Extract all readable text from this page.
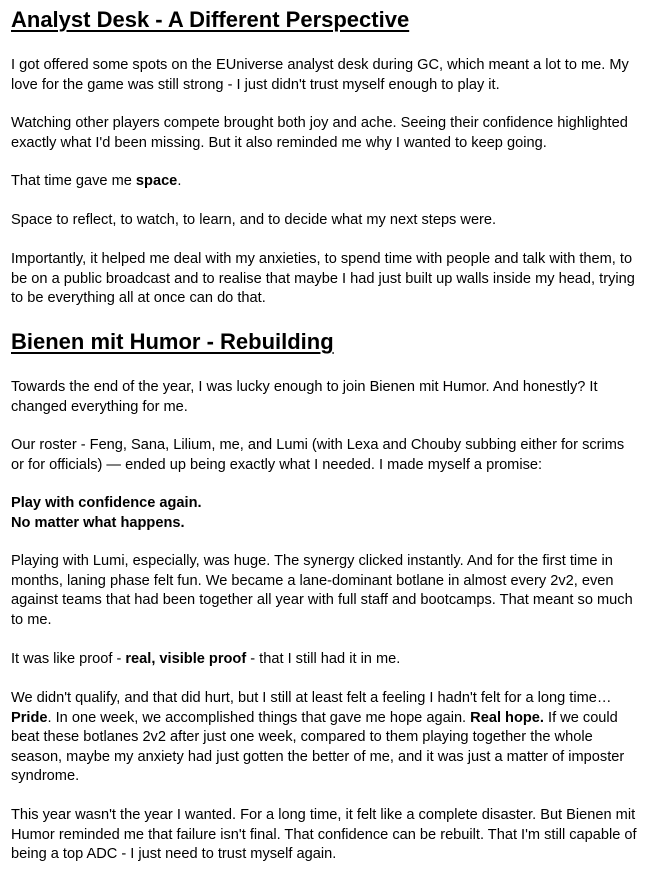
Analyst Desk - A Different Perspective

I got offered some spots on the EUniverse analyst desk during GC, which meant a lot to me. My love for the game was still strong - I just didn't trust myself enough to play it.

Watching other players compete brought both joy and ache. Seeing their confidence highlighted exactly what I'd been missing. But it also reminded me why I wanted to keep going.

That time gave me space.

Space to reflect, to watch, to learn, and to decide what my next steps were.

Importantly, it helped me deal with my anxieties, to spend time with people and talk with them, to be on a public broadcast and to realise that maybe I had just built up walls inside my head, trying to be everything all at once can do that.

Bienen mit Humor - Rebuilding

Towards the end of the year, I was lucky enough to join Bienen mit Humor. And honestly? It changed everything for me.

Our roster - Feng, Sana, Lilium, me, and Lumi (with Lexa and Chouby subbing either for scrims or for officials) — ended up being exactly what I needed. I made myself a promise:

Play with confidence again.
No matter what happens.

Playing with Lumi, especially, was huge. The synergy clicked instantly. And for the first time in months, laning phase felt fun. We became a lane-dominant botlane in almost every 2v2, even against teams that had been together all year with full staff and bootcamps. That meant so much to me.

It was like proof - real, visible proof - that I still had it in me.

We didn't qualify, and that did hurt, but I still at least felt a feeling I hadn't felt for a long time… Pride. In one week, we accomplished things that gave me hope again. Real hope. If we could beat these botlanes 2v2 after just one week, compared to them playing together the whole season, maybe my anxiety had just gotten the better of me, and it was just a matter of imposter syndrome.

This year wasn't the year I wanted. For a long time, it felt like a complete disaster. But Bienen mit Humor reminded me that failure isn't final. That confidence can be rebuilt. That I'm still capable of being a top ADC - I just need to trust myself again.
